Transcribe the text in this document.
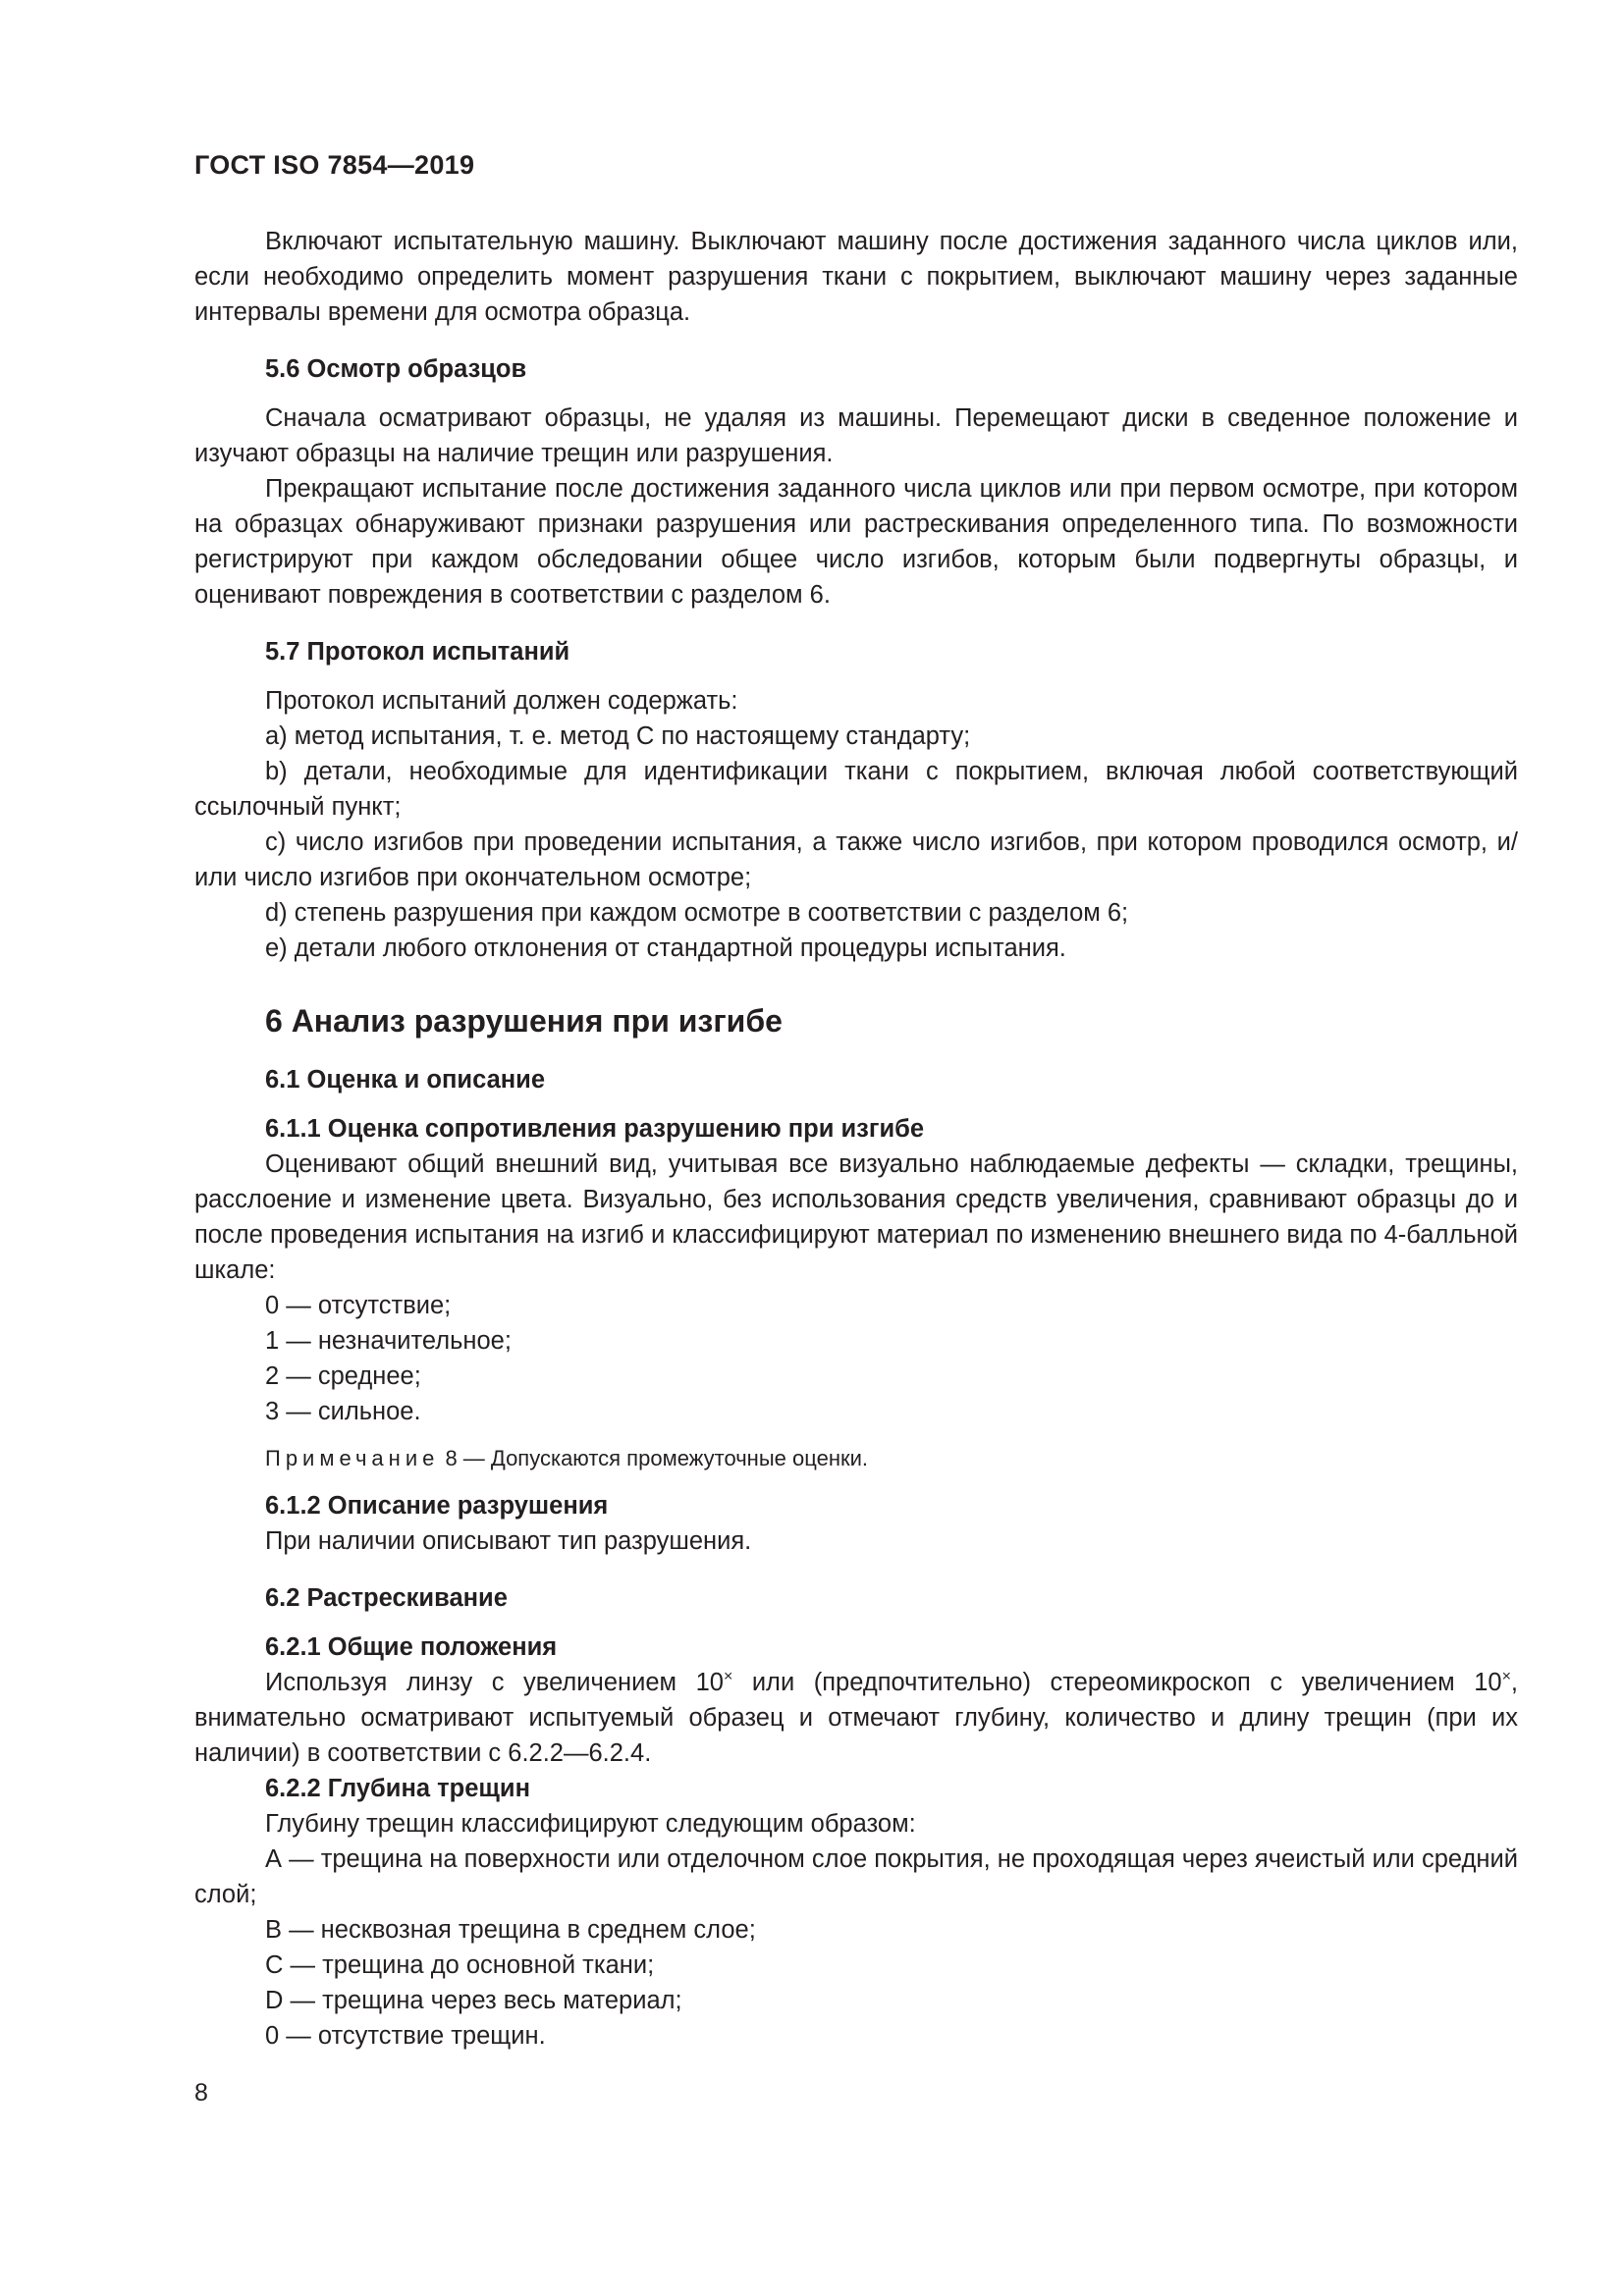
ГОСТ ISO 7854—2019

Включают испытательную машину. Выключают машину после достижения заданного числа циклов или, если необходимо определить момент разрушения ткани с покрытием, выключают машину через заданные интервалы времени для осмотра образца.

5.6 Осмотр образцов

Сначала осматривают образцы, не удаляя из машины. Перемещают диски в сведенное положение и изучают образцы на наличие трещин или разрушения.

Прекращают испытание после достижения заданного числа циклов или при первом осмотре, при котором на образцах обнаруживают признаки разрушения или растрескивания определенного типа. По возможности регистрируют при каждом обследовании общее число изгибов, которым были подвергнуты образцы, и оценивают повреждения в соответствии с разделом 6.

5.7 Протокол испытаний

Протокол испытаний должен содержать:

a) метод испытания, т. е. метод С по настоящему стандарту;

b) детали, необходимые для идентификации ткани с покрытием, включая любой соответствующий ссылочный пункт;

c) число изгибов при проведении испытания, а также число изгибов, при котором проводился осмотр, и/или число изгибов при окончательном осмотре;

d) степень разрушения при каждом осмотре в соответствии с разделом 6;

e) детали любого отклонения от стандартной процедуры испытания.

6 Анализ разрушения при изгибе
6.1 Оценка и описание
6.1.1 Оценка сопротивления разрушению при изгибе

Оценивают общий внешний вид, учитывая все визуально наблюдаемые дефекты — складки, трещины, расслоение и изменение цвета. Визуально, без использования средств увеличения, сравнивают образцы до и после проведения испытания на изгиб и классифицируют материал по изменению внешнего вида по 4-балльной шкале:

0 — отсутствие;
1 — незначительное;
2 — среднее;
3 — сильное.
Примечание 8 — Допускаются промежуточные оценки.
6.1.2 Описание разрушения

При наличии описывают тип разрушения.

6.2 Растрескивание
6.2.1 Общие положения

Используя линзу с увеличением 10× или (предпочтительно) стереомикроскоп с увеличением 10×, внимательно осматривают испытуемый образец и отмечают глубину, количество и длину трещин (при их наличии) в соответствии с 6.2.2—6.2.4.

6.2.2 Глубина трещин

Глубину трещин классифицируют следующим образом:

А — трещина на поверхности или отделочном слое покрытия, не проходящая через ячеистый или средний слой;

В — несквозная трещина в среднем слое;

С — трещина до основной ткани;

D — трещина через весь материал;

0 — отсутствие трещин.

8
